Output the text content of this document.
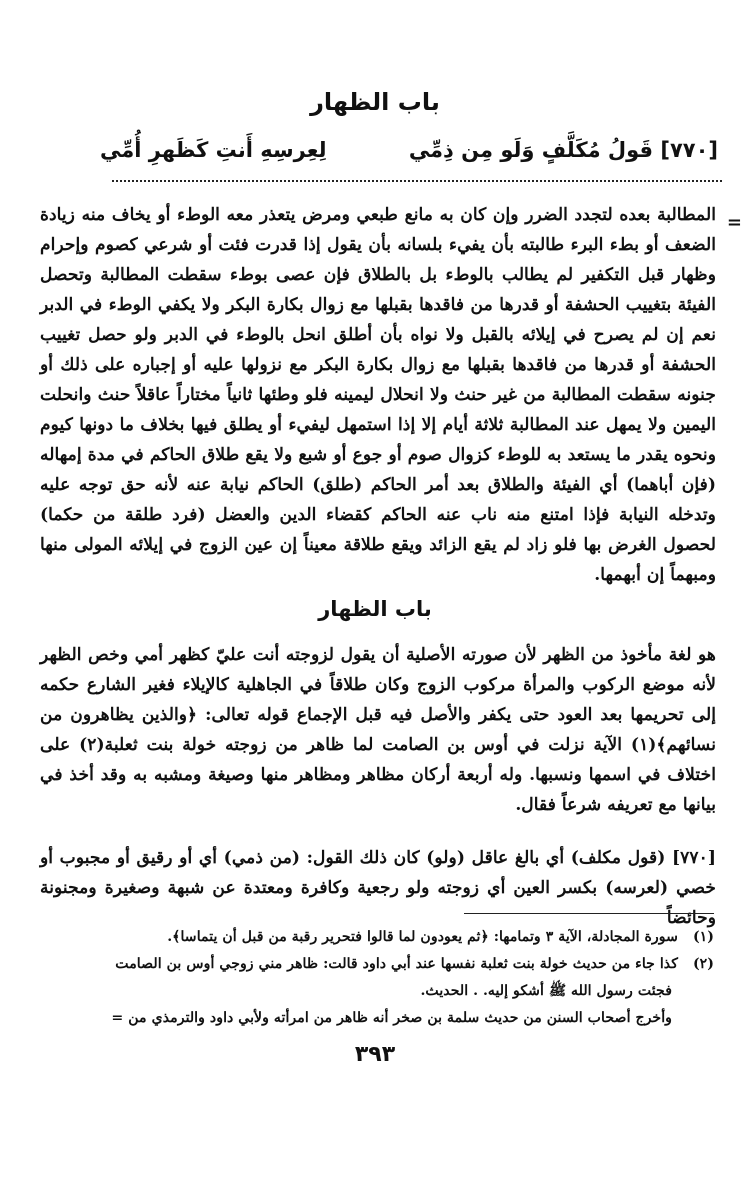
باب الظهار
[٧٧٠] قَولُ مُكَلَّفٍ وَلَو مِن ذِمِّي
لِعِرسِهِ أَنتِ كَظَهرِ أُمِّي
=
المطالبة بعده لتجدد الضرر وإن كان به مانع طبعي ومرض يتعذر معه الوطء أو يخاف منه زيادة الضعف أو بطء البرء طالبته بأن يفيء بلسانه بأن يقول إذا قدرت فئت أو شرعي كصوم وإحرام وظهار قبل التكفير لم يطالب بالوطء بل بالطلاق فإن عصى بوطء سقطت المطالبة وتحصل الفيئة بتغييب الحشفة أو قدرها من فاقدها بقبلها مع زوال بكارة البكر ولا يكفي الوطء في الدبر نعم إن لم يصرح في إيلائه بالقبل ولا نواه بأن أطلق انحل بالوطء في الدبر ولو حصل تغييب الحشفة أو قدرها من فاقدها بقبلها مع زوال بكارة البكر مع نزولها عليه أو إجباره على ذلك أو جنونه سقطت المطالبة من غير حنث ولا انحلال ليمينه فلو وطئها ثانياً مختاراً عاقلاً حنث وانحلت اليمين ولا يمهل عند المطالبة ثلاثة أيام إلا إذا استمهل ليفيء أو يطلق فيها بخلاف ما دونها كيوم ونحوه يقدر ما يستعد به للوطء كزوال صوم أو جوع أو شبع ولا يقع طلاق الحاكم في مدة إمهاله (فإن أباهما) أي الفيئة والطلاق بعد أمر الحاكم (طلق) الحاكم نيابة عنه لأنه حق توجه عليه وتدخله النيابة فإذا امتنع منه ناب عنه الحاكم كقضاء الدين والعضل (فرد طلقة من حكما) لحصول الغرض بها فلو زاد لم يقع الزائد ويقع طلاقة معيناً إن عين الزوج في إيلائه المولى منها ومبهماً إن أبهمها.
باب الظهار
هو لغة مأخوذ من الظهر لأن صورته الأصلية أن يقول لزوجته أنت عليّ كظهر أمي وخص الظهر لأنه موضع الركوب والمرأة مركوب الزوج وكان طلاقاً في الجاهلية كالإيلاء فغير الشارع حكمه إلى تحريمها بعد العود حتى يكفر والأصل فيه قبل الإجماع قوله تعالى: ﴿والذين يظاهرون من نسائهم﴾(١) الآية نزلت في أوس بن الصامت لما ظاهر من زوجته خولة بنت ثعلبة(٢) على اختلاف في اسمها ونسبها. وله أربعة أركان مظاهر ومظاهر منها وصيغة ومشبه به وقد أخذ في بيانها مع تعريفه شرعاً فقال.
[٧٧٠] (قول مكلف) أي بالغ عاقل (ولو) كان ذلك القول: (من ذمي) أي أو رقيق أو مجبوب أو خصي (لعرسه) بكسر العين أي زوجته ولو رجعية وكافرة ومعتدة عن شبهة وصغيرة ومجنونة وحائضاً
(١)سورة المجادلة، الآية ٣ وتمامها: ﴿ثم يعودون لما قالوا فتحرير رقبة من قبل أن يتماسا﴾.
(٢)كذا جاء من حديث خولة بنت ثعلبة نفسها عند أبي داود قالت: ظاهر مني زوجي أوس بن الصامت
فجئت رسول الله ﷺ أشكو إليه. . الحديث.
وأخرج أصحاب السنن من حديث سلمة بن صخر أنه ظاهر من امرأته ولأبي داود والترمذي من =
٣٩٣
